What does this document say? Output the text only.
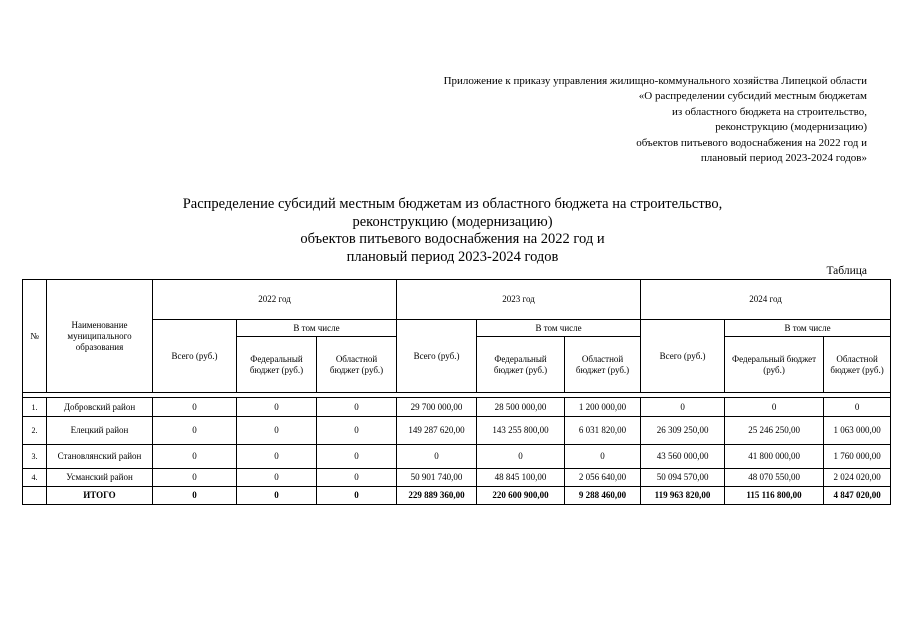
Приложение к приказу управления жилищно-коммунального хозяйства Липецкой области
«О распределении субсидий местным бюджетам
из областного бюджета на строительство,
реконструкцию (модернизацию)
объектов питьевого водоснабжения на 2022 год и
плановый период 2023-2024 годов»
Распределение субсидий местным бюджетам из областного бюджета на строительство,
реконструкцию (модернизацию)
объектов питьевого водоснабжения на 2022 год и
плановый период 2023-2024 годов
Таблица
№	Наименование муниципального образования	2022 год			2023 год			2024 год		
		Всего (руб.)	В том числе		Всего (руб.)	В том числе		Всего (руб.)	В том числе	
			Федеральный бюджет (руб.)	Областной бюджет (руб.)		Федеральный бюджет (руб.)	Областной бюджет (руб.)		Федеральный бюджет (руб.)	Областной бюджет (руб.)

1.	Добровский район	0	0	0	29 700 000,00	28 500 000,00	1 200 000,00	0	0	0
2.	Елецкий район	0	0	0	149 287 620,00	143 255 800,00	6 031 820,00	26 309 250,00	25 246 250,00	1 063 000,00
3.	Становлянский район	0	0	0	0	0	0	43 560 000,00	41 800 000,00	1 760 000,00
4.	Усманский район	0	0	0	50 901 740,00	48 845 100,00	2 056 640,00	50 094 570,00	48 070 550,00	2 024 020,00
	ИТОГО	0	0	0	229 889 360,00	220 600 900,00	9 288 460,00	119 963 820,00	115 116 800,00	4 847 020,00
